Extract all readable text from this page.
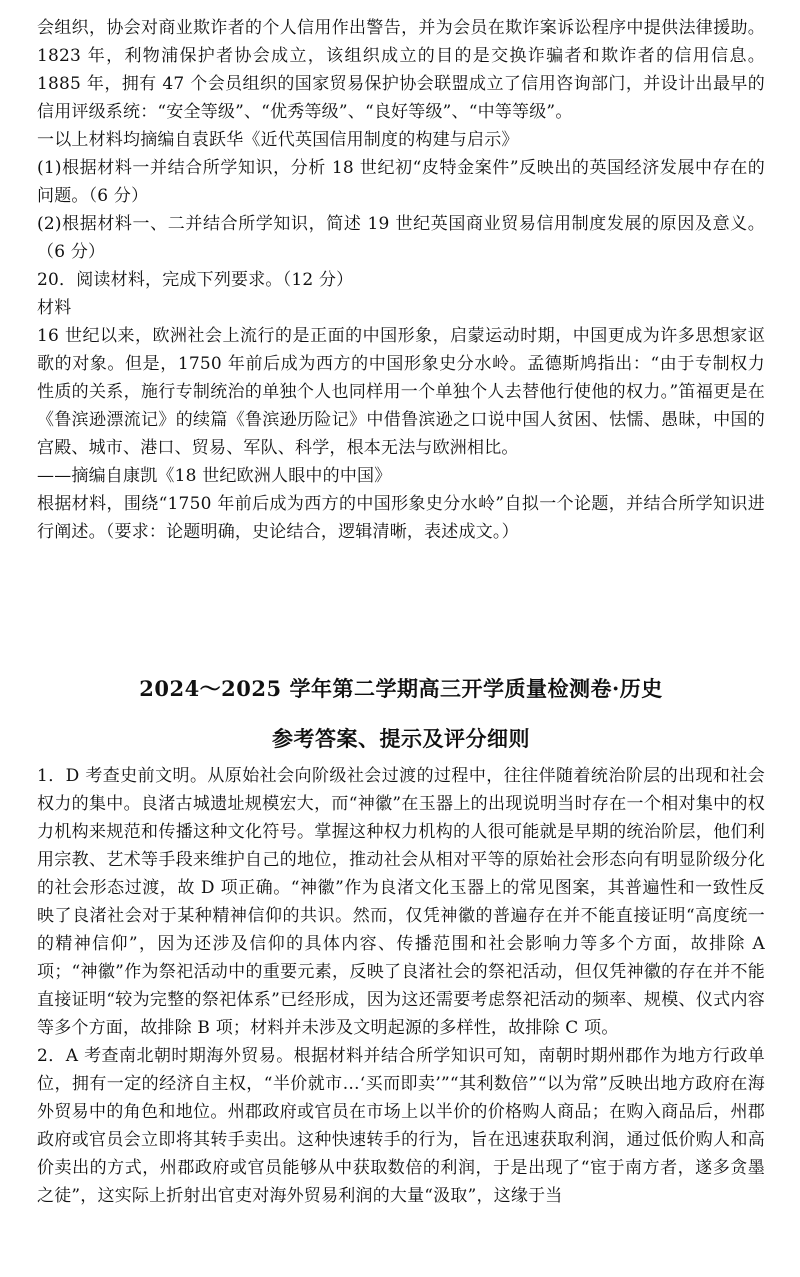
会组织，协会对商业欺诈者的个人信用作出警告，并为会员在欺诈案诉讼程序中提供法律援助。1823 年，利物浦保护者协会成立，该组织成立的目的是交换诈骗者和欺诈者的信用信息。1885 年，拥有 47 个会员组织的国家贸易保护协会联盟成立了信用咨询部门，并设计出最早的信用评级系统：“安全等级”、“优秀等级”、“良好等级”、“中等等级”。

一以上材料均摘编自袁跃华《近代英国信用制度的构建与启示》

(1)根据材料一并结合所学知识，分析 18 世纪初“皮特金案件”反映出的英国经济发展中存在的问题。（6 分）

(2)根据材料一、二并结合所学知识，简述 19 世纪英国商业贸易信用制度发展的原因及意义。（6 分）

20．阅读材料，完成下列要求。（12 分）

材料

16 世纪以来，欧洲社会上流行的是正面的中国形象，启蒙运动时期，中国更成为许多思想家讴歌的对象。但是，1750 年前后成为西方的中国形象史分水岭。孟德斯鸠指出：“由于专制权力性质的关系，施行专制统治的单独个人也同样用一个单独个人去替他行使他的权力。”笛福更是在《鲁滨逊漂流记》的续篇《鲁滨逊历险记》中借鲁滨逊之口说中国人贫困、怯懦、愚昧，中国的宫殿、城市、港口、贸易、军队、科学，根本无法与欧洲相比。

——摘编自康凯《18 世纪欧洲人眼中的中国》

根据材料，围绕“1750 年前后成为西方的中国形象史分水岭”自拟一个论题，并结合所学知识进行阐述。（要求：论题明确，史论结合，逻辑清晰，表述成文。）

2024～2025 学年第二学期高三开学质量检测卷·历史
参考答案、提示及评分细则

1．D 考查史前文明。从原始社会向阶级社会过渡的过程中，往往伴随着统治阶层的出现和社会权力的集中。良渚古城遗址规模宏大，而“神徽”在玉器上的出现说明当时存在一个相对集中的权力机构来规范和传播这种文化符号。掌握这种权力机构的人很可能就是早期的统治阶层，他们利用宗教、艺术等手段来维护自己的地位，推动社会从相对平等的原始社会形态向有明显阶级分化的社会形态过渡，故 D 项正确。“神徽”作为良渚文化玉器上的常见图案，其普遍性和一致性反映了良渚社会对于某种精神信仰的共识。然而，仅凭神徽的普遍存在并不能直接证明“高度统一的精神信仰”，因为还涉及信仰的具体内容、传播范围和社会影响力等多个方面，故排除 A 项；“神徽”作为祭祀活动中的重要元素，反映了良渚社会的祭祀活动，但仅凭神徽的存在并不能直接证明“较为完整的祭祀体系”已经形成，因为这还需要考虑祭祀活动的频率、规模、仪式内容等多个方面，故排除 B 项；材料并未涉及文明起源的多样性，故排除 C 项。

2．A 考查南北朝时期海外贸易。根据材料并结合所学知识可知，南朝时期州郡作为地方行政单位，拥有一定的经济自主权，“半价就市…‘买而即卖’”“其利数倍”“以为常”反映出地方政府在海外贸易中的角色和地位。州郡政府或官员在市场上以半价的价格购人商品；在购入商品后，州郡政府或官员会立即将其转手卖出。这种快速转手的行为，旨在迅速获取利润，通过低价购人和高价卖出的方式，州郡政府或官员能够从中获取数倍的利润，于是出现了“宦于南方者，遂多贪墨之徒”，这实际上折射出官吏对海外贸易利润的大量“汲取”，这缘于当
